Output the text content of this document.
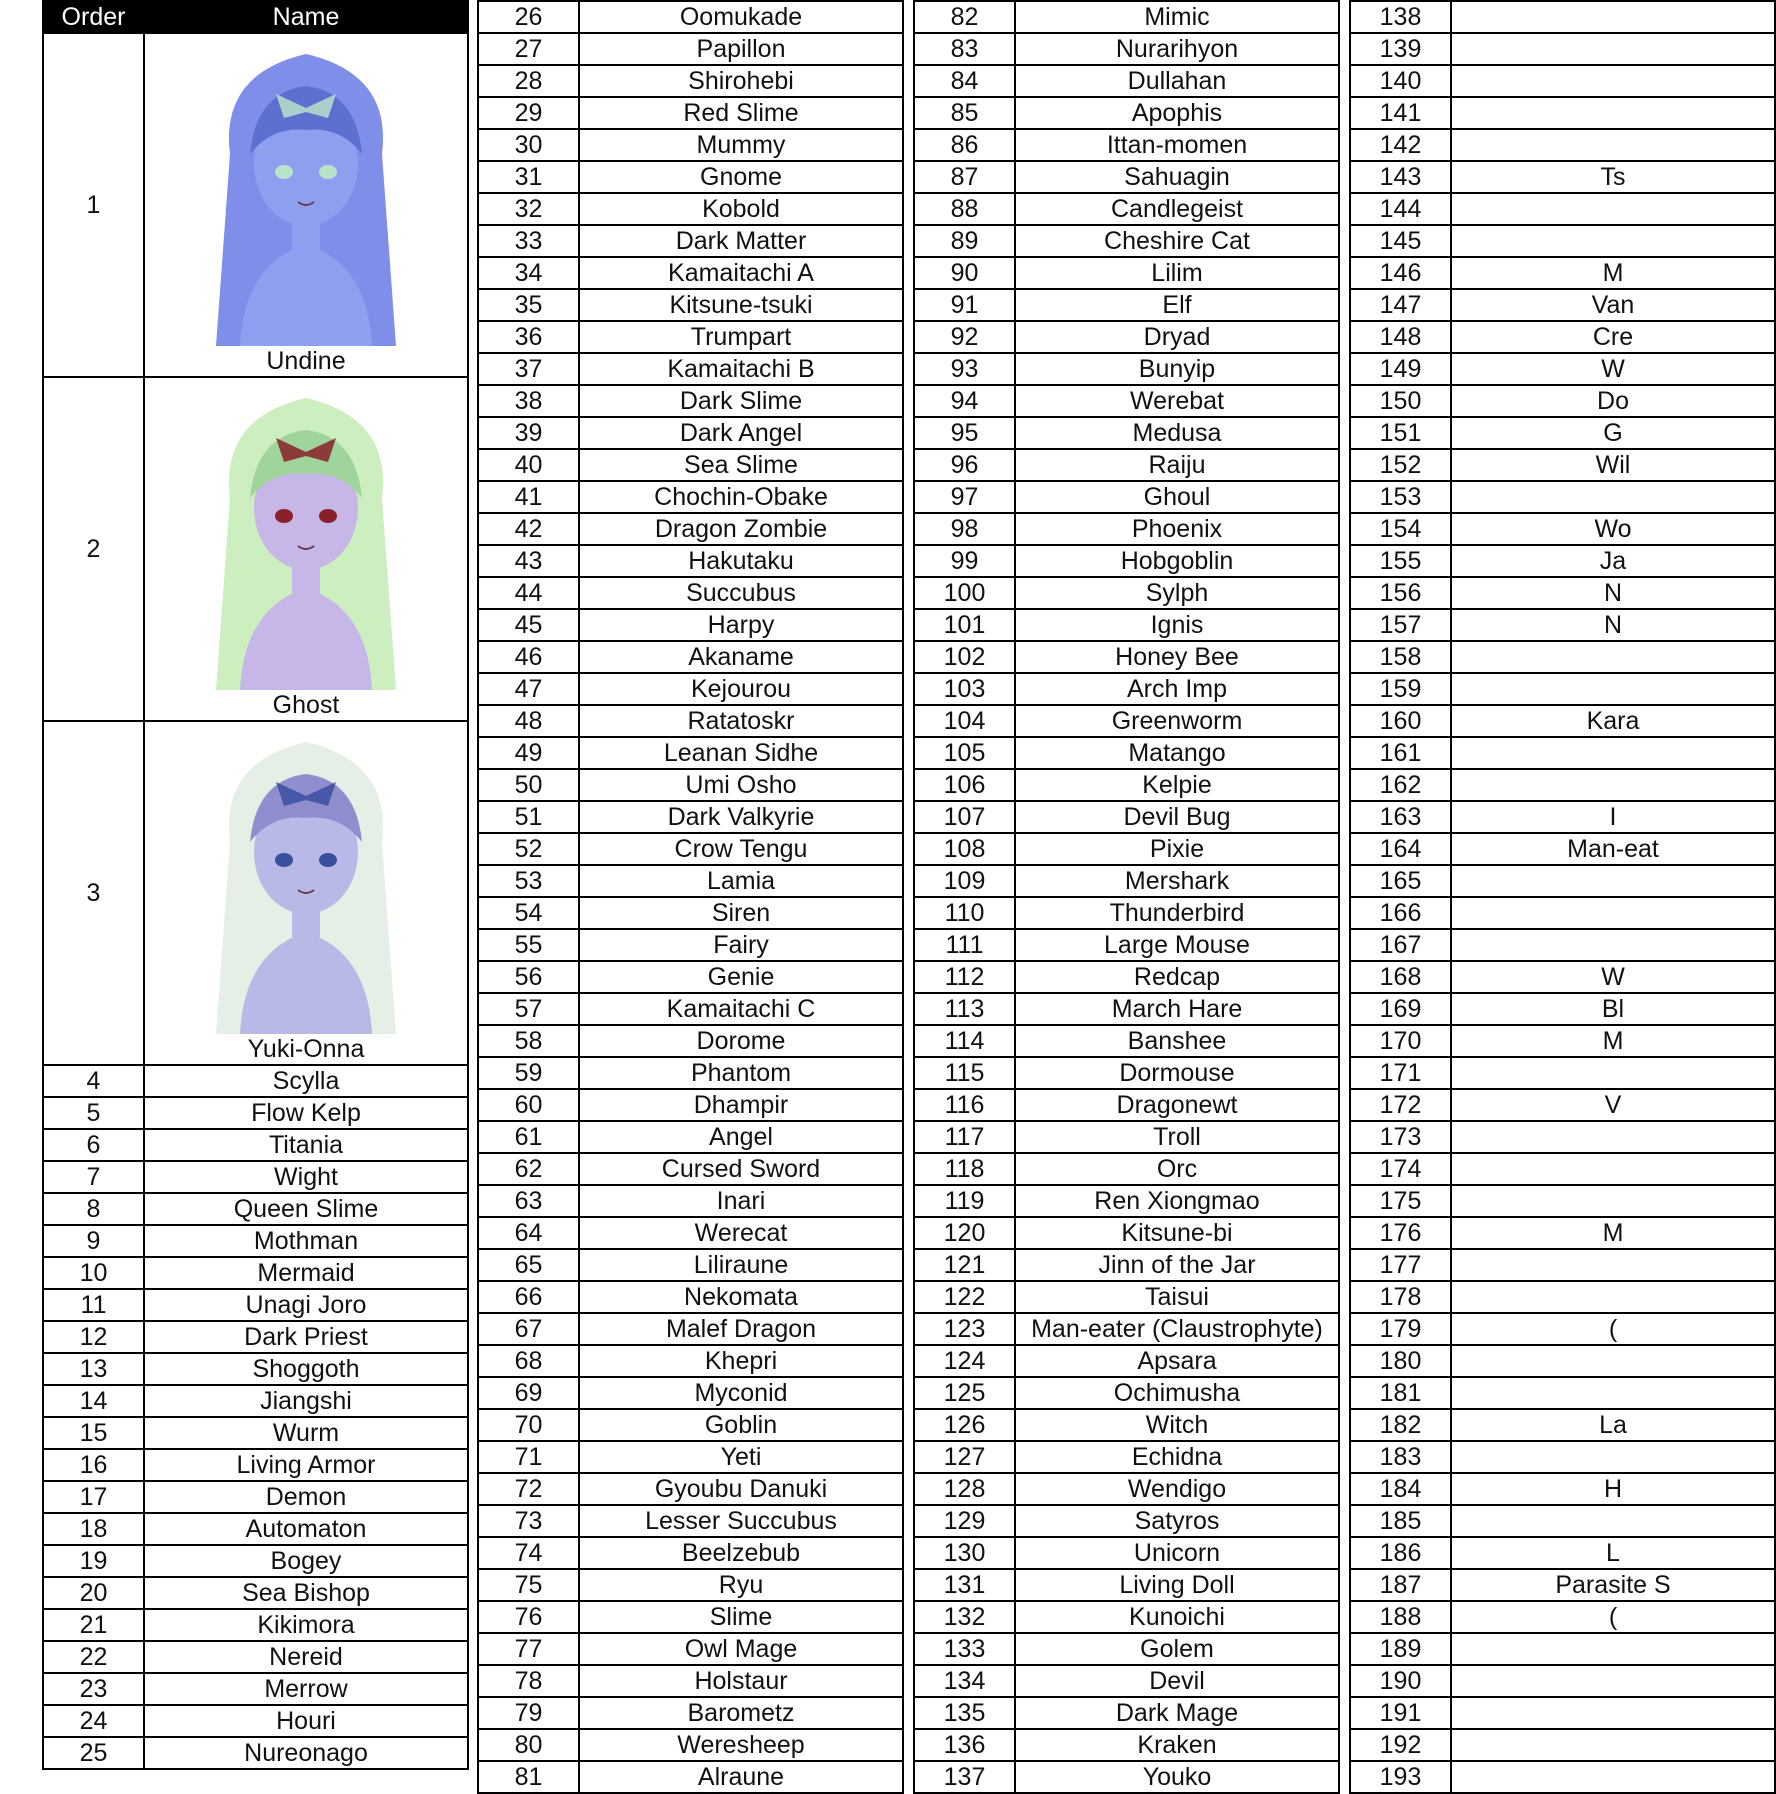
Order	Name
1	Undine

2	Ghost

3	Yuki-Onna

4	Scylla
5	Flow Kelp
6	Titania
7	Wight
8	Queen Slime
9	Mothman
10	Mermaid
11	Unagi Joro
12	Dark Priest
13	Shoggoth
14	Jiangshi
15	Wurm
16	Living Armor
17	Demon
18	Automaton
19	Bogey
20	Sea Bishop
21	Kikimora
22	Nereid
23	Merrow
24	Houri
25	Nureonago
26	Oomukade
27	Papillon
28	Shirohebi
29	Red Slime
30	Mummy
31	Gnome
32	Kobold
33	Dark Matter
34	Kamaitachi A
35	Kitsune-tsuki
36	Trumpart
37	Kamaitachi B
38	Dark Slime
39	Dark Angel
40	Sea Slime
41	Chochin-Obake
42	Dragon Zombie
43	Hakutaku
44	Succubus
45	Harpy
46	Akaname
47	Kejourou
48	Ratatoskr
49	Leanan Sidhe
50	Umi Osho
51	Dark Valkyrie
52	Crow Tengu
53	Lamia
54	Siren
55	Fairy
56	Genie
57	Kamaitachi C
58	Dorome
59	Phantom
60	Dhampir
61	Angel
62	Cursed Sword
63	Inari
64	Werecat
65	Liliraune
66	Nekomata
67	Malef Dragon
68	Khepri
69	Myconid
70	Goblin
71	Yeti
72	Gyoubu Danuki
73	Lesser Succubus
74	Beelzebub
75	Ryu
76	Slime
77	Owl Mage
78	Holstaur
79	Barometz
80	Weresheep
81	Alraune
82	Mimic
83	Nurarihyon
84	Dullahan
85	Apophis
86	Ittan-momen
87	Sahuagin
88	Candlegeist
89	Cheshire Cat
90	Lilim
91	Elf
92	Dryad
93	Bunyip
94	Werebat
95	Medusa
96	Raiju
97	Ghoul
98	Phoenix
99	Hobgoblin
100	Sylph
101	Ignis
102	Honey Bee
103	Arch Imp
104	Greenworm
105	Matango
106	Kelpie
107	Devil Bug
108	Pixie
109	Mershark
110	Thunderbird
111	Large Mouse
112	Redcap
113	March Hare
114	Banshee
115	Dormouse
116	Dragonewt
117	Troll
118	Orc
119	Ren Xiongmao
120	Kitsune-bi
121	Jinn of the Jar
122	Taisui
123	Man-eater (Claustrophyte)
124	Apsara
125	Ochimusha
126	Witch
127	Echidna
128	Wendigo
129	Satyros
130	Unicorn
131	Living Doll
132	Kunoichi
133	Golem
134	Devil
135	Dark Mage
136	Kraken
137	Youko
138	
139	
140	
141	
142	
143	Ts
144	
145	
146	M
147	Van
148	Cre
149	W
150	Do
151	G
152	Wil
153	
154	Wo
155	Ja
156	N
157	N
158	
159	
160	Kara
161	
162	
163	I
164	Man-eat
165	
166	
167	
168	W
169	Bl
170	M
171	
172	V
173	
174	
175	
176	M
177	
178	
179	(
180	
181	
182	La
183	
184	H
185	
186	L
187	Parasite S
188	(
189	
190	
191	
192	
193	
